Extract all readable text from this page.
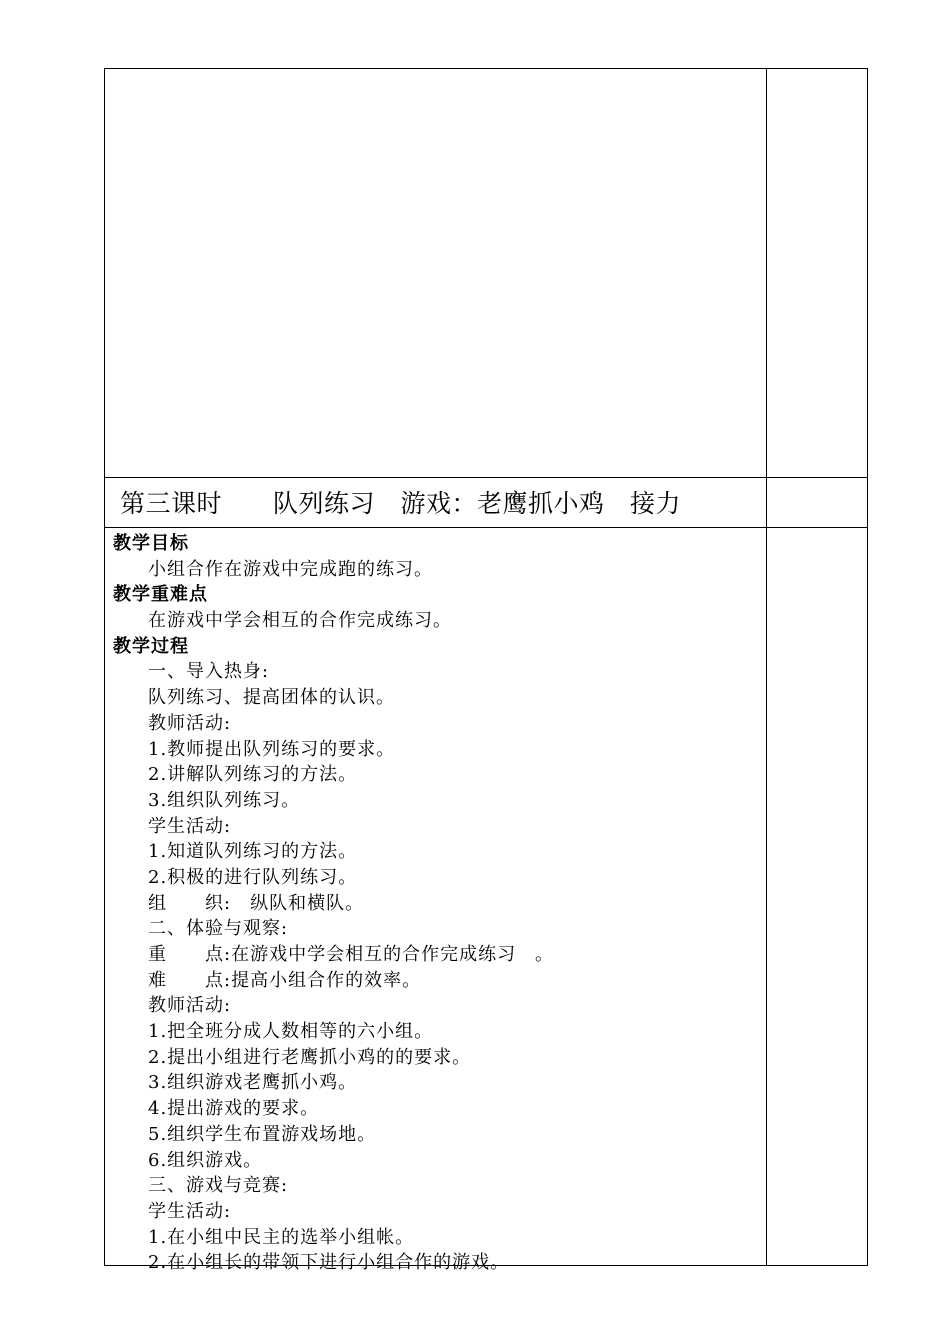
第三课时　　队列练习　游戏：老鹰抓小鸡　接力
教学目标
小组合作在游戏中完成跑的练习。
教学重难点
在游戏中学会相互的合作完成练习。
教学过程
一、导入热身:
队列练习、提高团体的认识。
教师活动:
1.教师提出队列练习的要求。
2.讲解队列练习的方法。
3.组织队列练习。
学生活动:
1.知道队列练习的方法。
2.积极的进行队列练习。
组　　织:　纵队和横队。
二、体验与观察:
重　　点:在游戏中学会相互的合作完成练习　。
难　　点:提高小组合作的效率。
教师活动:
1.把全班分成人数相等的六小组。
2.提出小组进行老鹰抓小鸡的的要求。
3.组织游戏老鹰抓小鸡。
4.提出游戏的要求。
5.组织学生布置游戏场地。
6.组织游戏。
三、游戏与竞赛:
学生活动:
1.在小组中民主的选举小组帐。
2.在小组长的带领下进行小组合作的游戏。
